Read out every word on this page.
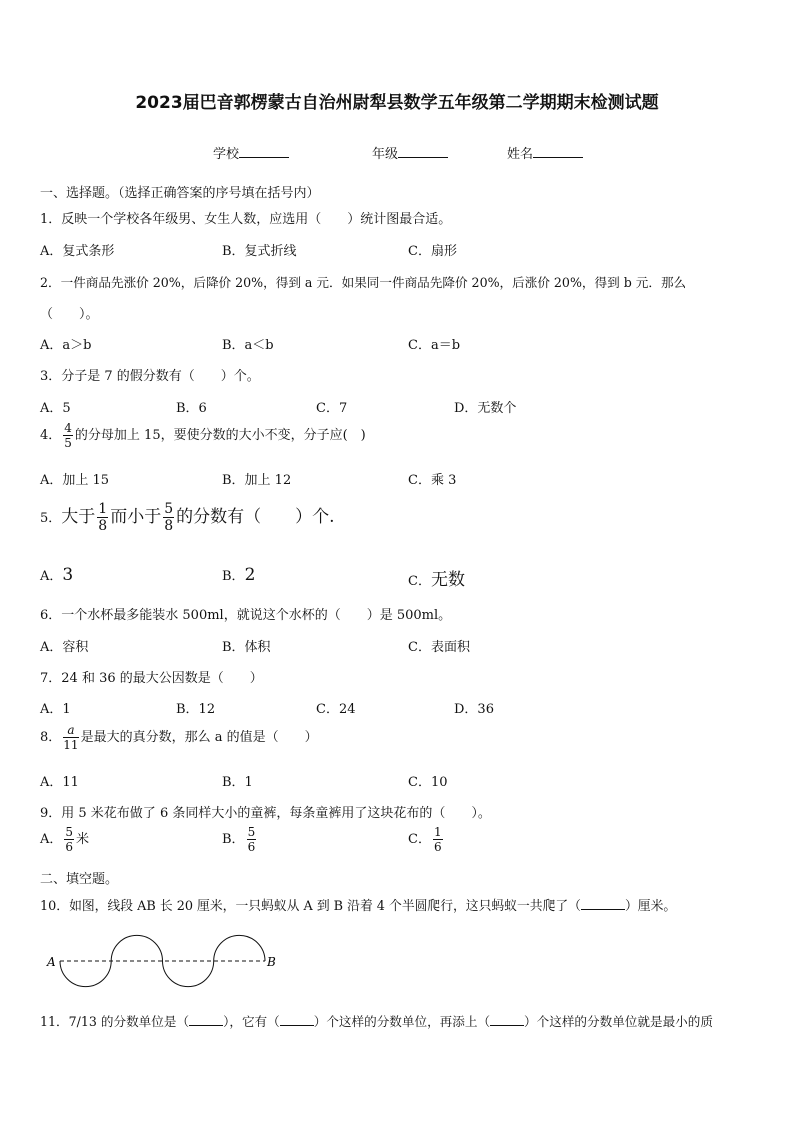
2023届巴音郭楞蒙古自治州尉犁县数学五年级第二学期期末检测试题
学校	年级	姓名
一、选择题。（选择正确答案的序号填在括号内）
1．反映一个学校各年级男、女生人数，应选用（　　）统计图最合适。
A．复式条形	B．复式折线	C．扇形
2．一件商品先涨价 20%，后降价 20%，得到 a 元．如果同一件商品先降价 20%，后涨价 20%，得到 b 元．那么
（　　）。
A．a＞b	B．a＜b	C．a＝b
3．分子是 7 的假分数有（　　）个。
A．5	B．6	C．7	D．无数个
4． $\frac{4}{5}$ 的分母加上 15，要使分数的大小不变，分子应(　)
A．加上 15	B．加上 12	C．乘 3
5．大于 $\frac{1}{8}$ 而小于 $\frac{5}{8}$ 的分数有（　　）个.
A．3	B．2	C．无数
6．一个水杯最多能装水 500ml，就说这个水杯的（　　）是 500ml。
A．容积	B．体积	C．表面积
7．24 和 36 的最大公因数是（　　）
A．1	B．12	C．24	D．36
8． $\frac{a}{11}$ 是最大的真分数，那么 a 的值是（　　）
A．11	B．1	C．10
9．用 5 米花布做了 6 条同样大小的童裤，每条童裤用了这块花布的（　　）。
A． $\frac{5}{6}$ 米	B． $\frac{5}{6}$	C． $\frac{1}{6}$
二、填空题。
10．如图，线段 AB 长 20 厘米，一只蚂蚁从 A 到 B 沿着 4 个半圆爬行，这只蚂蚁一共爬了（	）厘米。
A	B
11．7/13 的分数单位是（	），它有（	）个这样的分数单位，再添上（	）个这样的分数单位就是最小的质
